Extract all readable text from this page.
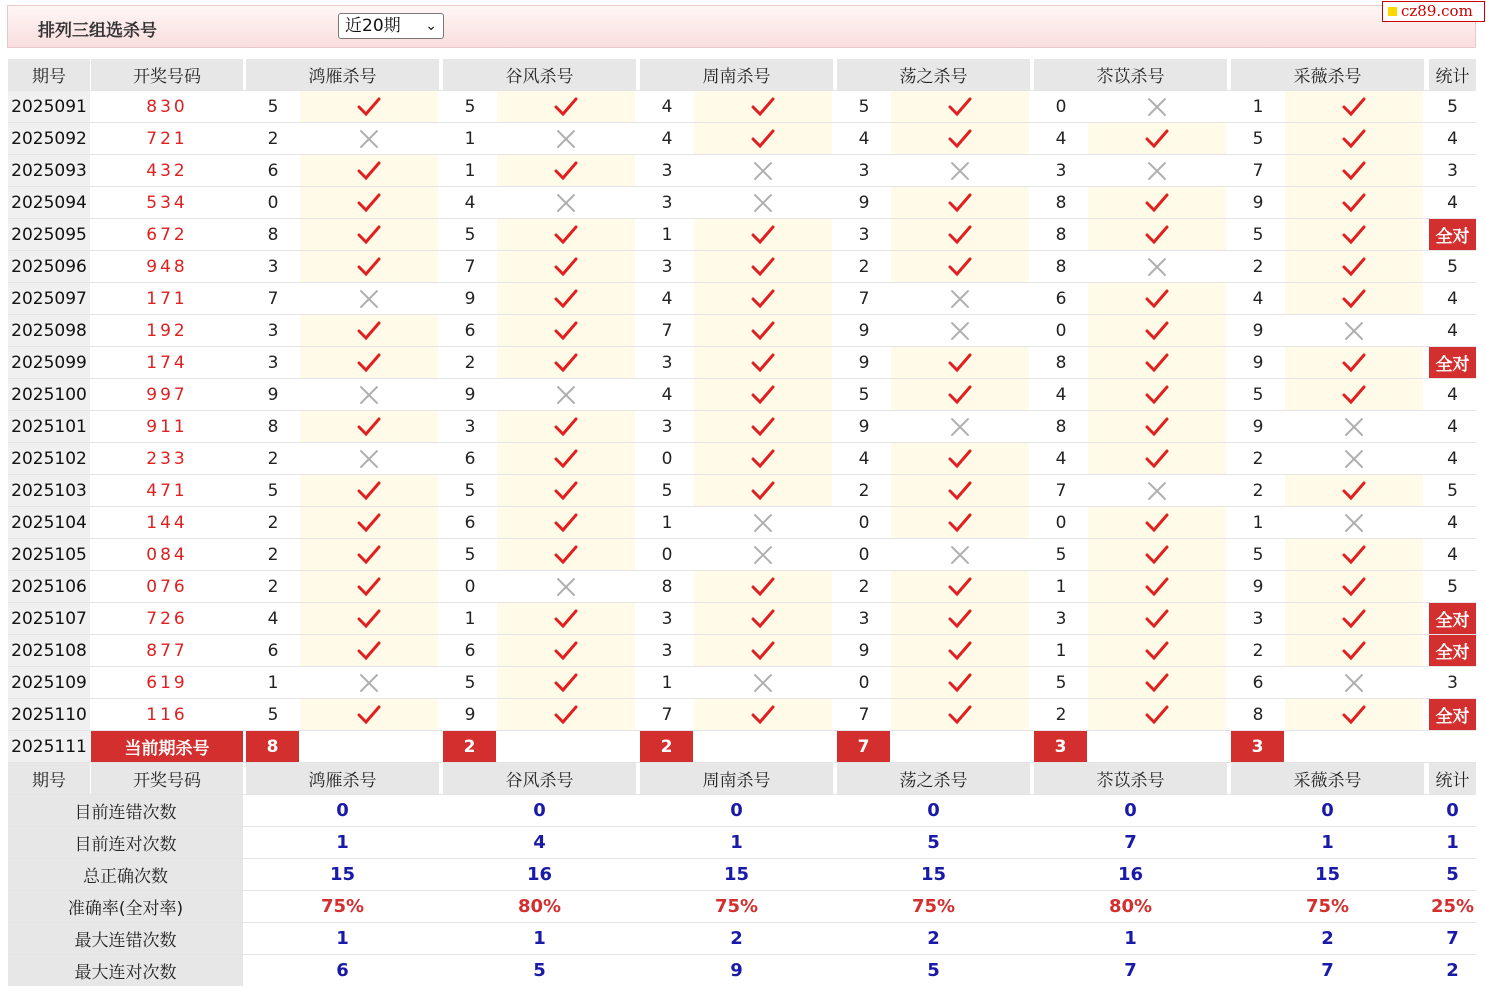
排列三组选杀号	近20期 ⌄
cz89.com
期号	开奖号码	鸿雁杀号	谷风杀号	周南杀号	荡之杀号	苶苡杀号	采薇杀号	统计
2025091	830	5	5	4	5	0	1	5
2025092	721	2	1	4	4	4	5	4
2025093	432	6	1	3	3	3	7	3
2025094	534	0	4	3	9	8	9	4
2025095	672	8	5	1	3	8	5	全对
2025096	948	3	7	3	2	8	2	5
2025097	171	7	9	4	7	6	4	4
2025098	192	3	6	7	9	0	9	4
2025099	174	3	2	3	9	8	9	全对
2025100	997	9	9	4	5	4	5	4
2025101	911	8	3	3	9	8	9	4
2025102	233	2	6	0	4	4	2	4
2025103	471	5	5	5	2	7	2	5
2025104	144	2	6	1	0	0	1	4
2025105	084	2	5	0	0	5	5	4
2025106	076	2	0	8	2	1	9	5
2025107	726	4	1	3	3	3	3	全对
2025108	877	6	6	3	9	1	2	全对
2025109	619	1	5	1	0	5	6	3
2025110	116	5	9	7	7	2	8	全对
2025111	当前期杀号	8	2	2	7	3	3
期号	开奖号码	鸿雁杀号	谷风杀号	周南杀号	荡之杀号	苶苡杀号	采薇杀号	统计
目前连错次数	0	0	0	0	0	0	0
目前连对次数	1	4	1	5	7	1	1
总正确次数	15	16	15	15	16	15	5
准确率(全对率)	75%	80%	75%	75%	80%	75%	25%
最大连错次数	1	1	2	2	1	2	7
最大连对次数	6	5	9	5	7	7	2
